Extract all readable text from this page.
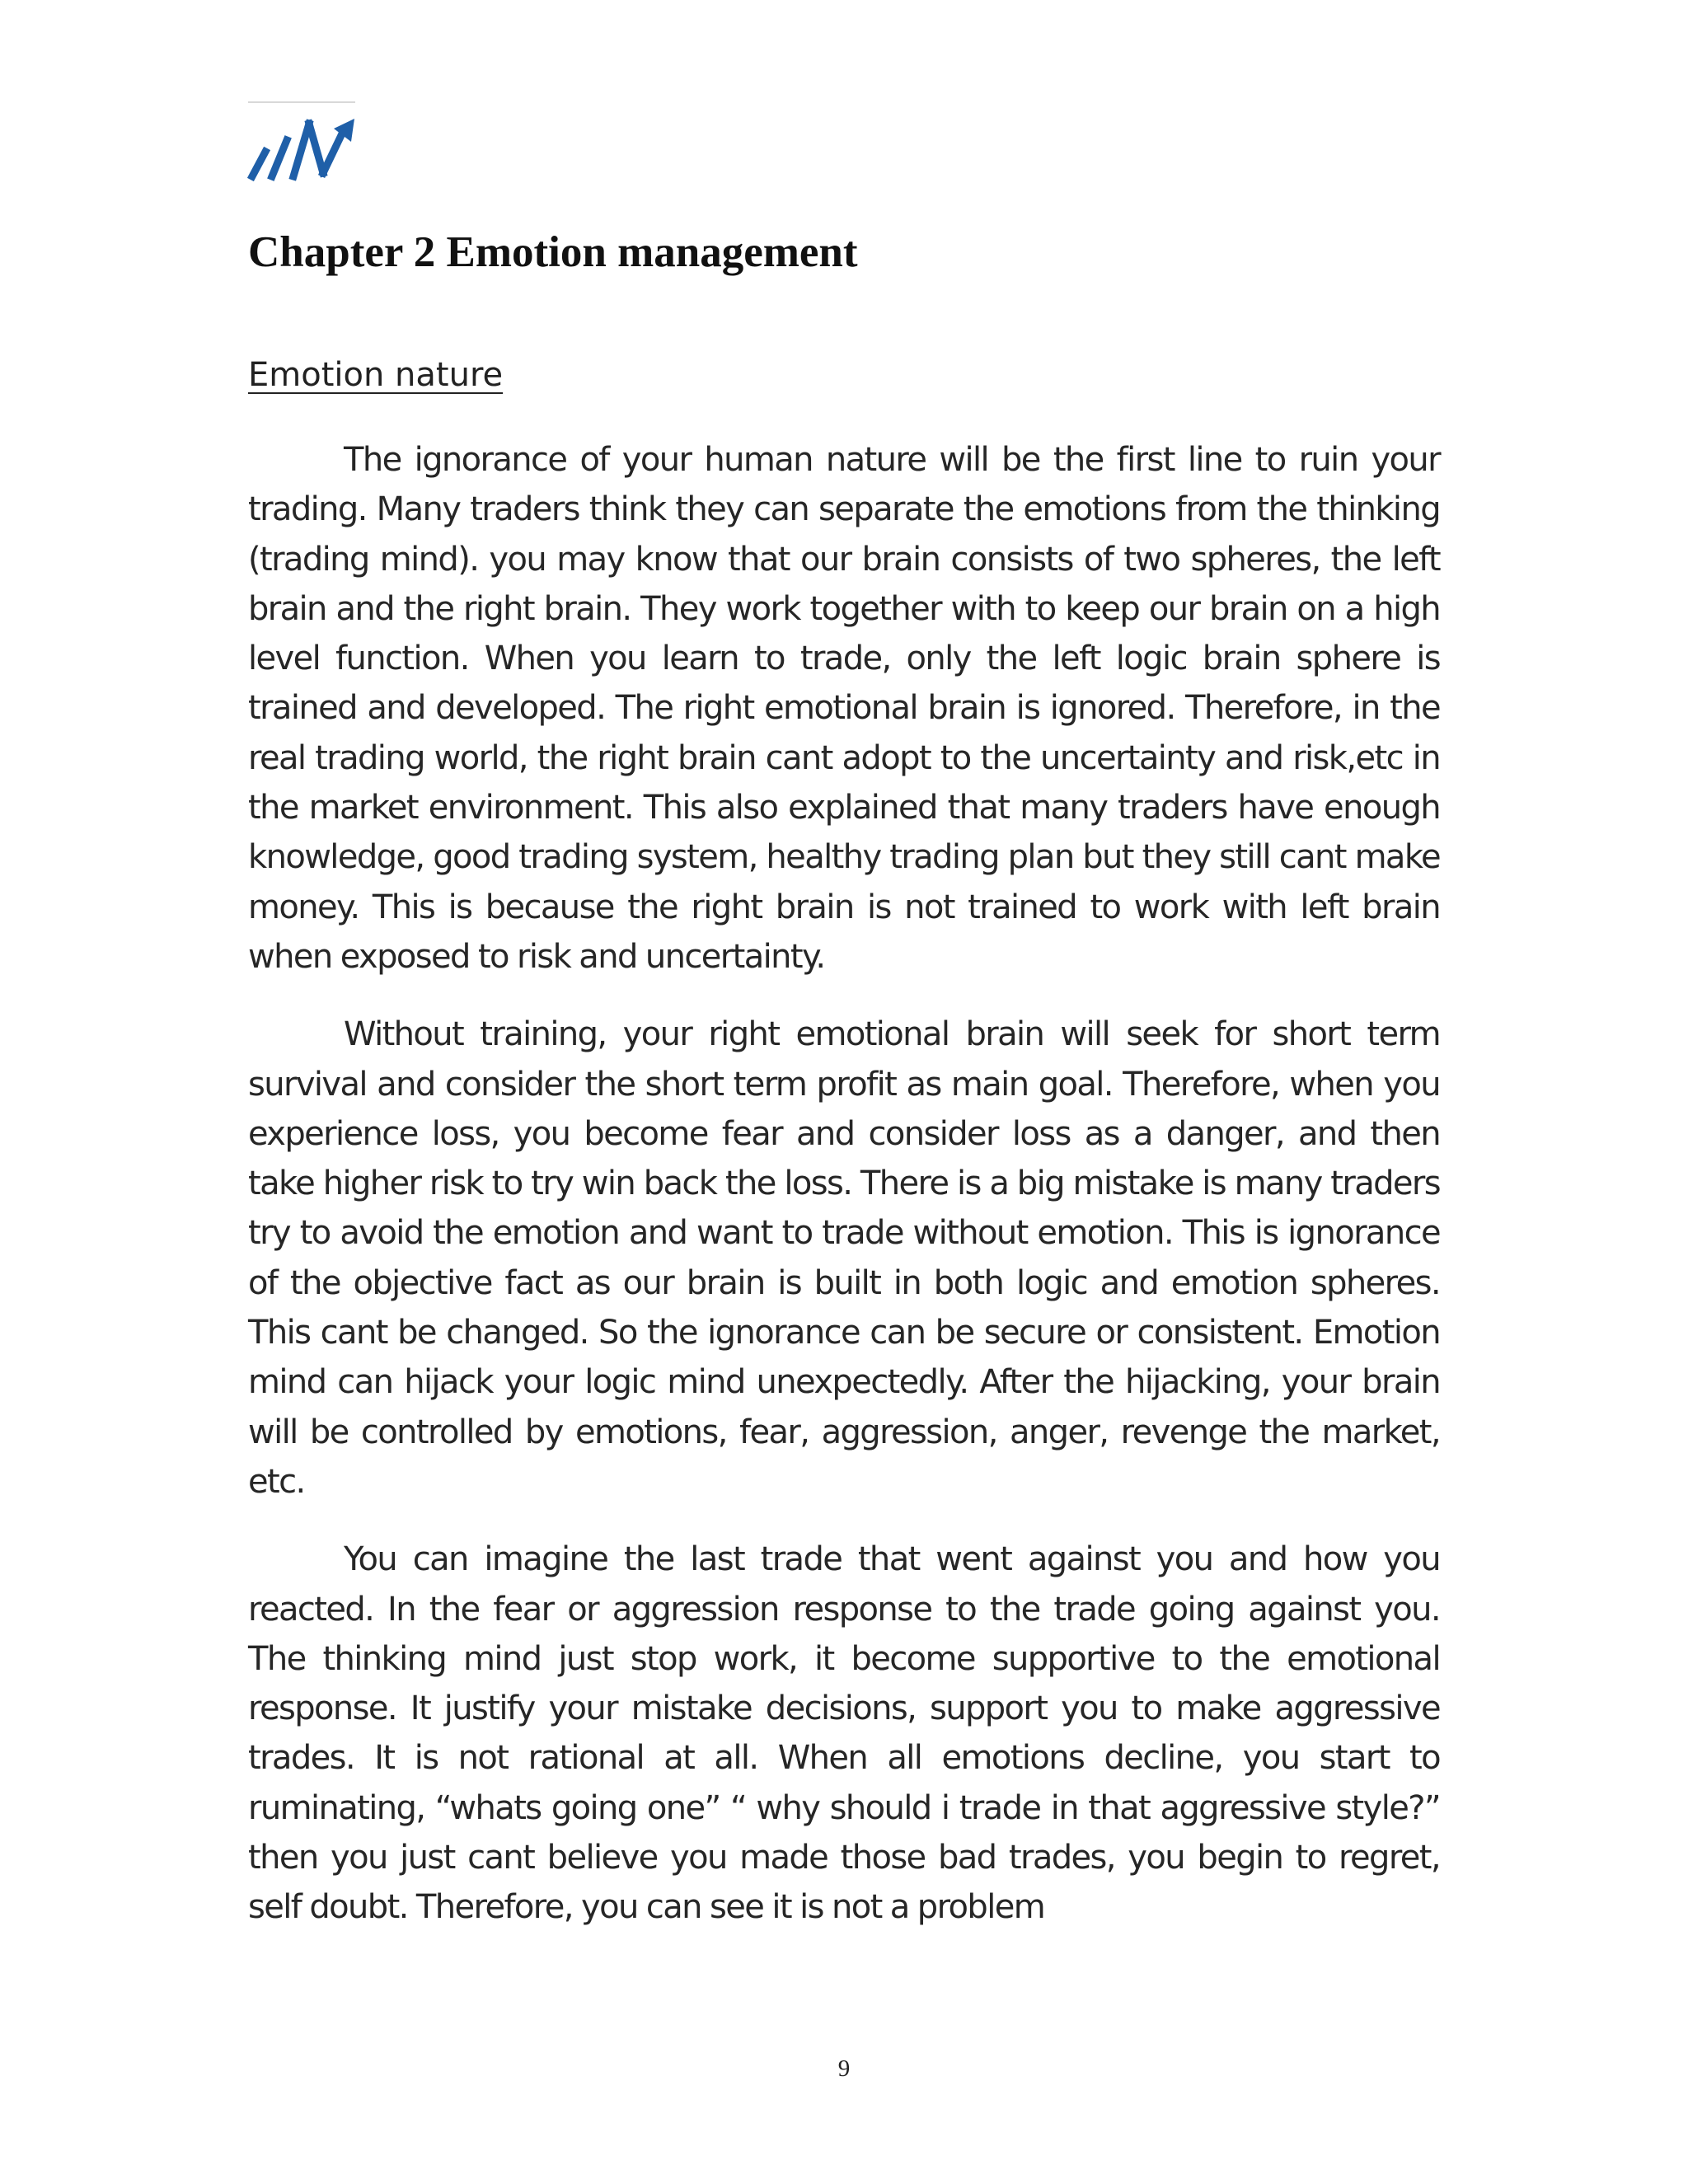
Chapter 2 Emotion management
Emotion nature

The ignorance of your human nature will be the first line to ruin your trading. Many traders think they can separate the emotions from the thinking (trading mind). you may know that our brain consists of two spheres, the left brain and the right brain. They work together with to keep our brain on a high level function. When you learn to trade, only the left logic brain sphere is trained and developed. The right emotional brain is ignored. Therefore, in the real trading world, the right brain cant adopt to the uncertainty and risk,etc in the market environment. This also explained that many traders have enough knowledge, good trading system, healthy trading plan but they still cant make money. This is because the right brain is not trained to work with left brain when exposed to risk and uncertainty.

Without training, your right emotional brain will seek for short term survival and consider the short term profit as main goal. Therefore, when you experience loss, you become fear and consider loss as a danger, and then take higher risk to try win back the loss. There is a big mistake is many traders try to avoid the emotion and want to trade without emotion. This is ignorance of the objective fact as our brain is built in both logic and emotion spheres. This cant be changed. So the ignorance can be secure or consistent. Emotion mind can hijack your logic mind unexpectedly. After the hijacking, your brain will be controlled by emotions, fear, aggression, anger, revenge the market, etc.

You can imagine the last trade that went against you and how you reacted. In the fear or aggression response to the trade going against you. The thinking mind just stop work, it become supportive to the emotional response. It justify your mistake decisions, support you to make aggressive trades. It is not rational at all. When all emotions decline, you start to ruminating, “whats going one” “ why should i trade in that aggressive style?” then you just cant believe you made those bad trades, you begin to regret, self doubt. Therefore, you can see it is not a problem

9
